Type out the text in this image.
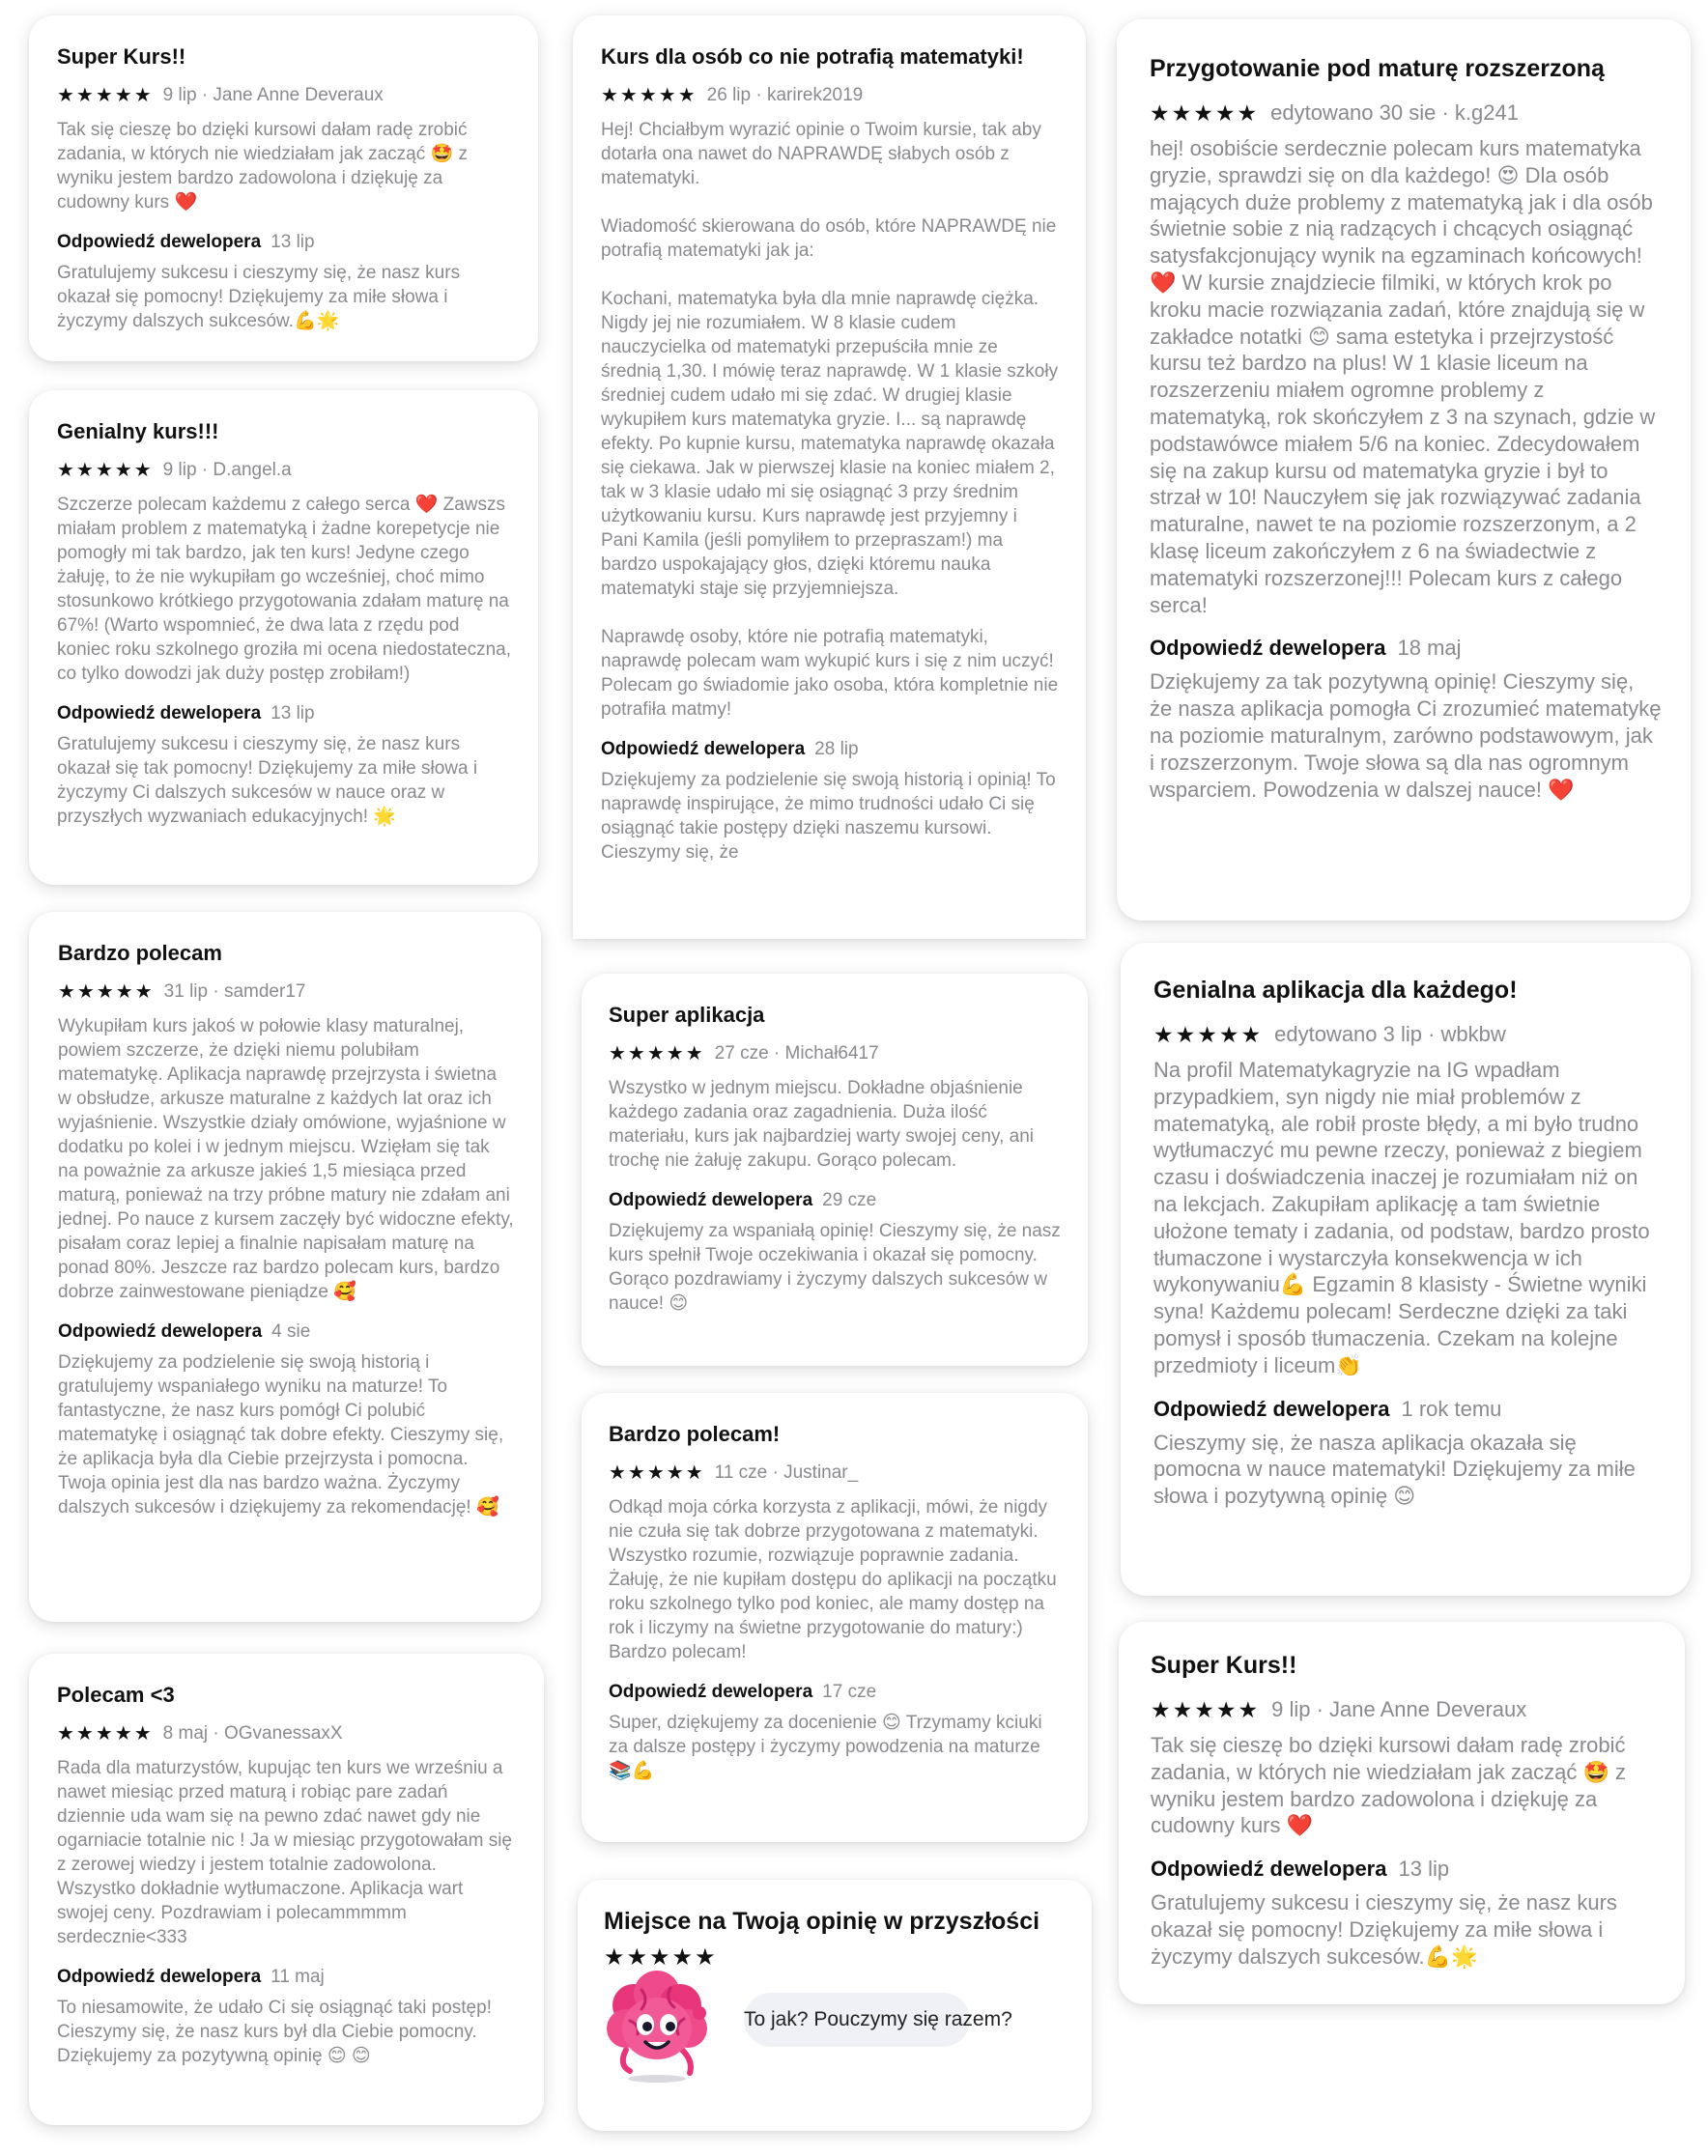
Super Kurs!!
★★★★★ 9 lip · Jane Anne Deveraux
Tak się cieszę bo dzięki kursowi dałam radę zrobić zadania, w których nie wiedziałam jak zacząć 🤩 z wyniku jestem bardzo zadowolona i dziękuję za cudowny kurs ❤️
Odpowiedź dewelopera 13 lip
Gratulujemy sukcesu i cieszymy się, że nasz kurs okazał się pomocny! Dziękujemy za miłe słowa i życzymy dalszych sukcesów.💪🌟
Genialny kurs!!!
★★★★★ 9 lip · D.angel.a
Szczerze polecam każdemu z całego serca ❤️ Zawszs miałam problem z matematyką i żadne korepetycje nie pomogły mi tak bardzo, jak ten kurs! Jedyne czego żałuję, to że nie wykupiłam go wcześniej, choć mimo stosunkowo krótkiego przygotowania zdałam maturę na 67%! (Warto wspomnieć, że dwa lata z rzędu pod koniec roku szkolnego groziła mi ocena niedostateczna, co tylko dowodzi jak duży postęp zrobiłam!)
Odpowiedź dewelopera 13 lip
Gratulujemy sukcesu i cieszymy się, że nasz kurs okazał się tak pomocny! Dziękujemy za miłe słowa i życzymy Ci dalszych sukcesów w nauce oraz w przyszłych wyzwaniach edukacyjnych! 🌟
Bardzo polecam
★★★★★ 31 lip · samder17
Wykupiłam kurs jakoś w połowie klasy maturalnej, powiem szczerze, że dzięki niemu polubiłam matematykę. Aplikacja naprawdę przejrzysta i świetna w obsłudze, arkusze maturalne z każdych lat oraz ich wyjaśnienie. Wszystkie działy omówione, wyjaśnione w dodatku po kolei i w jednym miejscu. Wzięłam się tak na poważnie za arkusze jakieś 1,5 miesiąca przed maturą, ponieważ na trzy próbne matury nie zdałam ani jednej. Po nauce z kursem zaczęły być widoczne efekty, pisałam coraz lepiej a finalnie napisałam maturę na ponad 80%. Jeszcze raz bardzo polecam kurs, bardzo dobrze zainwestowane pieniądze 🥰
Odpowiedź dewelopera 4 sie
Dziękujemy za podzielenie się swoją historią i gratulujemy wspaniałego wyniku na maturze! To fantastyczne, że nasz kurs pomógł Ci polubić matematykę i osiągnąć tak dobre efekty. Cieszymy się, że aplikacja była dla Ciebie przejrzysta i pomocna. Twoja opinia jest dla nas bardzo ważna. Życzymy dalszych sukcesów i dziękujemy za rekomendację! 🥰
Polecam <3
★★★★★ 8 maj · OGvanessaxX
Rada dla maturzystów, kupując ten kurs we wrześniu a nawet miesiąc przed maturą i robiąc pare zadań dziennie uda wam się na pewno zdać nawet gdy nie ogarniacie totalnie nic ! Ja w miesiąc przygotowałam się z zerowej wiedzy i jestem totalnie zadowolona. Wszystko dokładnie wytłumaczone. Aplikacja wart swojej ceny. Pozdrawiam i polecammmmm serdecznie<333
Odpowiedź dewelopera 11 maj
To niesamowite, że udało Ci się osiągnąć taki postęp! Cieszymy się, że nasz kurs był dla Ciebie pomocny. Dziękujemy za pozytywną opinię 😊 😊
Kurs dla osób co nie potrafią matematyki!
★★★★★ 26 lip · karirek2019
Hej! Chciałbym wyrazić opinie o Twoim kursie, tak aby dotarła ona nawet do NAPRAWDĘ słabych osób z matematyki.
Wiadomość skierowana do osób, które NAPRAWDĘ nie potrafią matematyki jak ja:
Kochani, matematyka była dla mnie naprawdę ciężka. Nigdy jej nie rozumiałem. W 8 klasie cudem nauczycielka od matematyki przepuściła mnie ze średnią 1,30. I mówię teraz naprawdę. W 1 klasie szkoły średniej cudem udało mi się zdać. W drugiej klasie wykupiłem kurs matematyka gryzie. I... są naprawdę efekty. Po kupnie kursu, matematyka naprawdę okazała się ciekawa. Jak w pierwszej klasie na koniec miałem 2, tak w 3 klasie udało mi się osiągnąć 3 przy średnim użytkowaniu kursu. Kurs naprawdę jest przyjemny i Pani Kamila (jeśli pomyliłem to przepraszam!) ma bardzo uspokajający głos, dzięki któremu nauka matematyki staje się przyjemniejsza.
Naprawdę osoby, które nie potrafią matematyki, naprawdę polecam wam wykupić kurs i się z nim uczyć! Polecam go świadomie jako osoba, która kompletnie nie potrafiła matmy!
Odpowiedź dewelopera 28 lip
Dziękujemy za podzielenie się swoją historią i opinią! To naprawdę inspirujące, że mimo trudności udało Ci się osiągnąć takie postępy dzięki naszemu kursowi. Cieszymy się, że
Super aplikacja
★★★★★ 27 cze · Michał6417
Wszystko w jednym miejscu. Dokładne objaśnienie każdego zadania oraz zagadnienia. Duża ilość materiału, kurs jak najbardziej warty swojej ceny, ani trochę nie żałuję zakupu. Gorąco polecam.
Odpowiedź dewelopera 29 cze
Dziękujemy za wspaniałą opinię! Cieszymy się, że nasz kurs spełnił Twoje oczekiwania i okazał się pomocny. Gorąco pozdrawiamy i życzymy dalszych sukcesów w nauce! 😊
Bardzo polecam!
★★★★★ 11 cze · Justinar_
Odkąd moja córka korzysta z aplikacji, mówi, że nigdy nie czuła się tak dobrze przygotowana z matematyki. Wszystko rozumie, rozwiązuje poprawnie zadania. Żałuję, że nie kupiłam dostępu do aplikacji na początku roku szkolnego tylko pod koniec, ale mamy dostęp na rok i liczymy na świetne przygotowanie do matury:) Bardzo polecam!
Odpowiedź dewelopera 17 cze
Super, dziękujemy za docenienie 😊 Trzymamy kciuki za dalsze postępy i życzymy powodzenia na maturze 📚💪
Miejsce na Twoją opinię w przyszłości
★★★★★
To jak? Pouczymy się razem?
Przygotowanie pod maturę rozszerzoną
★★★★★ edytowano 30 sie · k.g241
hej! osobiście serdecznie polecam kurs matematyka gryzie, sprawdzi się on dla każdego! 😍 Dla osób mających duże problemy z matematyką jak i dla osób świetnie sobie z nią radzących i chcących osiągnąć satysfakcjonujący wynik na egzaminach końcowych!❤️ W kursie znajdziecie filmiki, w których krok po kroku macie rozwiązania zadań, które znajdują się w zakładce notatki 😊 sama estetyka i przejrzystość kursu też bardzo na plus! W 1 klasie liceum na rozszerzeniu miałem ogromne problemy z matematyką, rok skończyłem z 3 na szynach, gdzie w podstawówce miałem 5/6 na koniec. Zdecydowałem się na zakup kursu od matematyka gryzie i był to strzał w 10! Nauczyłem się jak rozwiązywać zadania maturalne, nawet te na poziomie rozszerzonym, a 2 klasę liceum zakończyłem z 6 na świadectwie z matematyki rozszerzonej!!! Polecam kurs z całego serca!
Odpowiedź dewelopera 18 maj
Dziękujemy za tak pozytywną opinię! Cieszymy się, że nasza aplikacja pomogła Ci zrozumieć matematykę na poziomie maturalnym, zarówno podstawowym, jak i rozszerzonym. Twoje słowa są dla nas ogromnym wsparciem. Powodzenia w dalszej nauce! ❤️
Genialna aplikacja dla każdego!
★★★★★ edytowano 3 lip · wbkbw
Na profil Matematykagryzie na IG wpadłam przypadkiem, syn nigdy nie miał problemów z matematyką, ale robił proste błędy, a mi było trudno wytłumaczyć mu pewne rzeczy, ponieważ z biegiem czasu i doświadczenia inaczej je rozumiałam niż on na lekcjach. Zakupiłam aplikację a tam świetnie ułożone tematy i zadania, od podstaw, bardzo prosto tłumaczone i wystarczyła konsekwencja w ich wykonywaniu💪 Egzamin 8 klasisty - Świetne wyniki syna! Każdemu polecam! Serdeczne dzięki za taki pomysł i sposób tłumaczenia. Czekam na kolejne przedmioty i liceum👏
Odpowiedź dewelopera 1 rok temu
Cieszymy się, że nasza aplikacja okazała się pomocna w nauce matematyki! Dziękujemy za miłe słowa i pozytywną opinię 😊
Super Kurs!!
★★★★★ 9 lip · Jane Anne Deveraux
Tak się cieszę bo dzięki kursowi dałam radę zrobić zadania, w których nie wiedziałam jak zacząć 🤩 z wyniku jestem bardzo zadowolona i dziękuję za cudowny kurs ❤️
Odpowiedź dewelopera 13 lip
Gratulujemy sukcesu i cieszymy się, że nasz kurs okazał się pomocny! Dziękujemy za miłe słowa i życzymy dalszych sukcesów.💪🌟
